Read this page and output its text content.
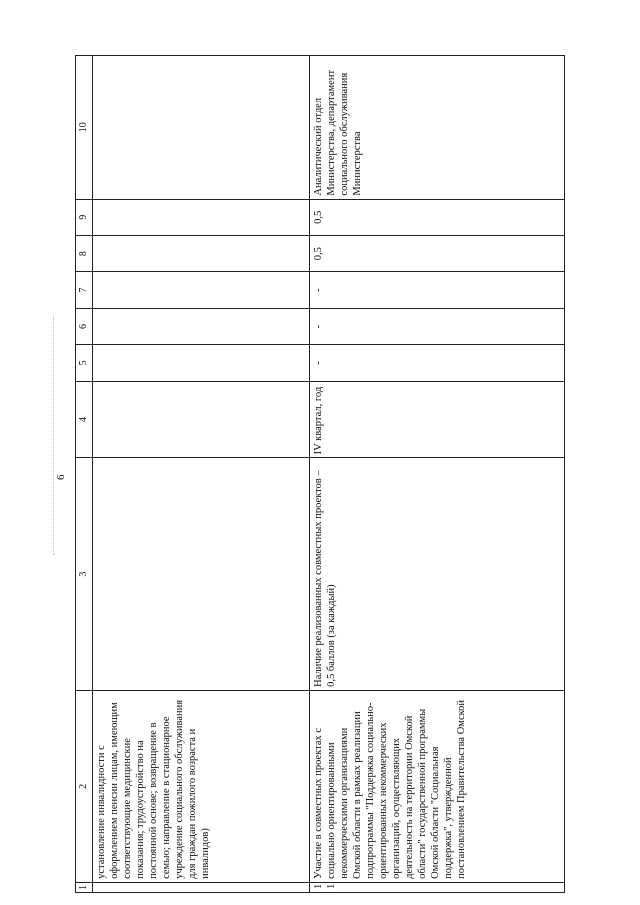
6
1	2	3	4	5	6	7	8	9	10
	установление инвалидности с оформлением пенсии лицам, имеющим соответствующие медицинские показания; трудоустройство на постоянной основе; возвращение в семью; направление в стационарное учреждение социального обслуживания для граждан пожилого возраста и инвалидов)								
11	Участие в совместных проектах с социально ориентированными некоммерческими организациями Омской области в рамках реализации подпрограммы "Поддержка социально-ориентированных некоммерческих организаций, осуществляющих деятельность на территории Омской области" государственной программы Омской области "Социальная поддержка", утвержденной постановлением Правительства Омской	Наличие реализованных совместных проектов – 0,5 баллов (за каждый)	IV квартал, год	-	-	-	0,5	0,5	Аналитический отдел Министерства, департамент социального обслуживания Министерства
